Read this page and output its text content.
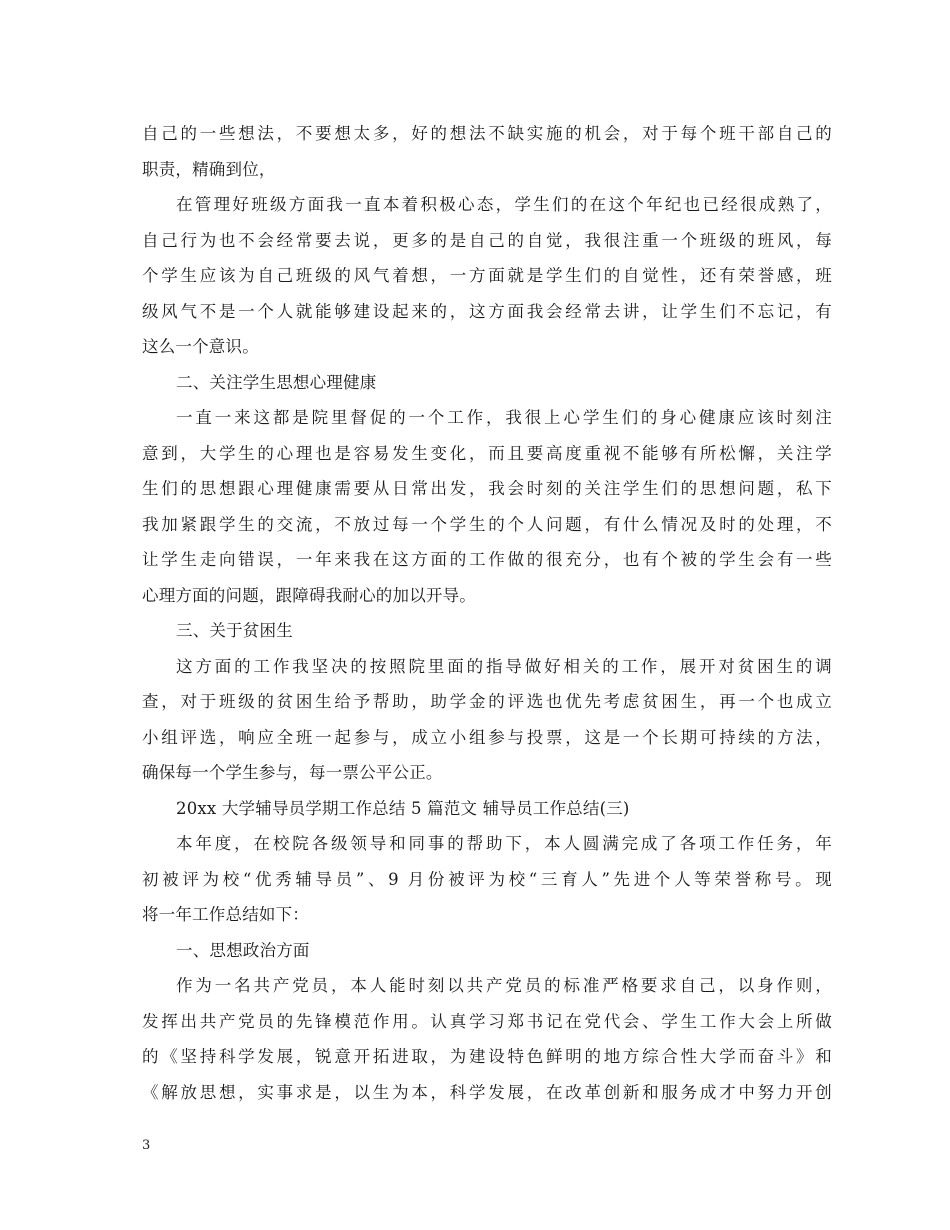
自己的一些想法，不要想太多，好的想法不缺实施的机会，对于每个班干部自己的
职责，精确到位，
在管理好班级方面我一直本着积极心态，学生们的在这个年纪也已经很成熟了，
自己行为也不会经常要去说，更多的是自己的自觉，我很注重一个班级的班风，每
个学生应该为自己班级的风气着想，一方面就是学生们的自觉性，还有荣誉感，班
级风气不是一个人就能够建设起来的，这方面我会经常去讲，让学生们不忘记，有
这么一个意识。
二、关注学生思想心理健康
一直一来这都是院里督促的一个工作，我很上心学生们的身心健康应该时刻注
意到，大学生的心理也是容易发生变化，而且要高度重视不能够有所松懈，关注学
生们的思想跟心理健康需要从日常出发，我会时刻的关注学生们的思想问题，私下
我加紧跟学生的交流，不放过每一个学生的个人问题，有什么情况及时的处理，不
让学生走向错误，一年来我在这方面的工作做的很充分，也有个被的学生会有一些
心理方面的问题，跟障碍我耐心的加以开导。
三、关于贫困生
这方面的工作我坚决的按照院里面的指导做好相关的工作，展开对贫困生的调
查，对于班级的贫困生给予帮助，助学金的评选也优先考虑贫困生，再一个也成立
小组评选，响应全班一起参与，成立小组参与投票，这是一个长期可持续的方法，
确保每一个学生参与，每一票公平公正。
20xx 大学辅导员学期工作总结 5 篇范文 辅导员工作总结(三)
本年度，在校院各级领导和同事的帮助下，本人圆满完成了各项工作任务，年
初被评为校“优秀辅导员”、9 月份被评为校“三育人”先进个人等荣誉称号。现
将一年工作总结如下：
一、思想政治方面
作为一名共产党员，本人能时刻以共产党员的标准严格要求自己，以身作则，
发挥出共产党员的先锋模范作用。认真学习郑书记在党代会、学生工作大会上所做
的《坚持科学发展，锐意开拓进取，为建设特色鲜明的地方综合性大学而奋斗》和
《解放思想，实事求是，以生为本，科学发展，在改革创新和服务成才中努力开创
3
